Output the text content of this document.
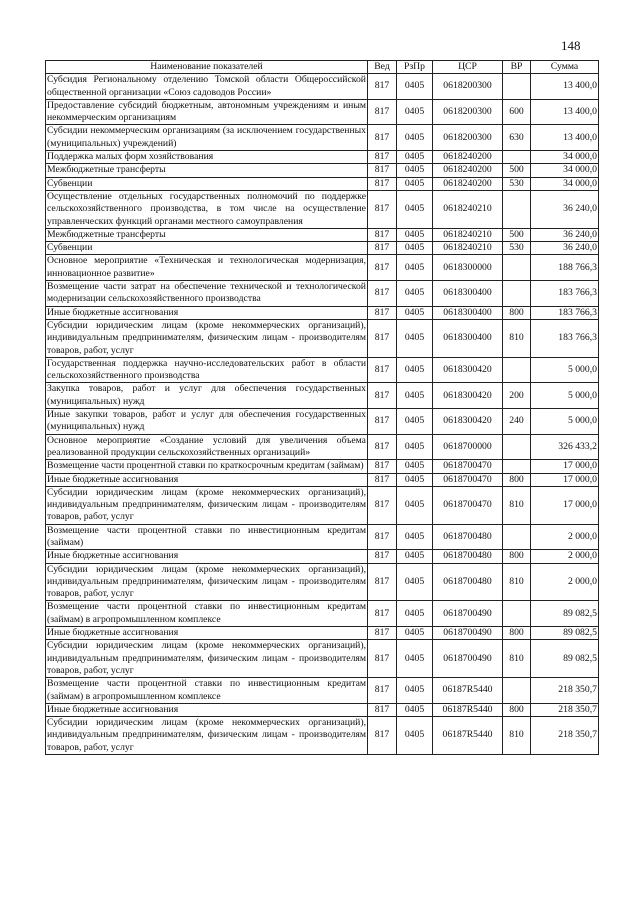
148
Наименование показателей	Вед	РзПр	ЦСР	ВР	Сумма
Субсидия Региональному отделению Томской области Общероссийской общественной организации «Союз садоводов России»	817	0405	0618200300		13 400,0
Предоставление субсидий бюджетным, автономным учреждениям и иным некоммерческим организациям	817	0405	0618200300	600	13 400,0
Субсидии некоммерческим организациям (за исключением государственных (муниципальных) учреждений)	817	0405	0618200300	630	13 400,0
Поддержка малых форм хозяйствования	817	0405	0618240200		34 000,0
Межбюджетные трансферты	817	0405	0618240200	500	34 000,0
Субвенции	817	0405	0618240200	530	34 000,0
Осуществление отдельных государственных полномочий по поддержке сельскохозяйственного производства, в том числе на осуществление управленческих функций органами местного самоуправления	817	0405	0618240210		36 240,0
Межбюджетные трансферты	817	0405	0618240210	500	36 240,0
Субвенции	817	0405	0618240210	530	36 240,0
Основное мероприятие «Техническая и технологическая модернизация, инновационное развитие»	817	0405	0618300000		188 766,3
Возмещение части затрат на обеспечение технической и технологической модернизации сельскохозяйственного производства	817	0405	0618300400		183 766,3
Иные бюджетные ассигнования	817	0405	0618300400	800	183 766,3
Субсидии юридическим лицам (кроме некоммерческих организаций), индивидуальным предпринимателям, физическим лицам - производителям товаров, работ, услуг	817	0405	0618300400	810	183 766,3
Государственная поддержка научно-исследовательских работ в области сельскохозяйственного производства	817	0405	0618300420		5 000,0
Закупка товаров, работ и услуг для обеспечения государственных (муниципальных) нужд	817	0405	0618300420	200	5 000,0
Иные закупки товаров, работ и услуг для обеспечения государственных (муниципальных) нужд	817	0405	0618300420	240	5 000,0
Основное мероприятие «Создание условий для увеличения объема реализованной продукции сельскохозяйственных организаций»	817	0405	0618700000		326 433,2
Возмещение части процентной ставки по краткосрочным кредитам (займам)	817	0405	0618700470		17 000,0
Иные бюджетные ассигнования	817	0405	0618700470	800	17 000,0
Субсидии юридическим лицам (кроме некоммерческих организаций), индивидуальным предпринимателям, физическим лицам - производителям товаров, работ, услуг	817	0405	0618700470	810	17 000,0
Возмещение части процентной ставки по инвестиционным кредитам (займам)	817	0405	0618700480		2 000,0
Иные бюджетные ассигнования	817	0405	0618700480	800	2 000,0
Субсидии юридическим лицам (кроме некоммерческих организаций), индивидуальным предпринимателям, физическим лицам - производителям товаров, работ, услуг	817	0405	0618700480	810	2 000,0
Возмещение части процентной ставки по инвестиционным кредитам (займам) в агропромышленном комплексе	817	0405	0618700490		89 082,5
Иные бюджетные ассигнования	817	0405	0618700490	800	89 082,5
Субсидии юридическим лицам (кроме некоммерческих организаций), индивидуальным предпринимателям, физическим лицам - производителям товаров, работ, услуг	817	0405	0618700490	810	89 082,5
Возмещение части процентной ставки по инвестиционным кредитам (займам) в агропромышленном комплексе	817	0405	06187R5440		218 350,7
Иные бюджетные ассигнования	817	0405	06187R5440	800	218 350,7
Субсидии юридическим лицам (кроме некоммерческих организаций), индивидуальным предпринимателям, физическим лицам - производителям товаров, работ, услуг	817	0405	06187R5440	810	218 350,7
